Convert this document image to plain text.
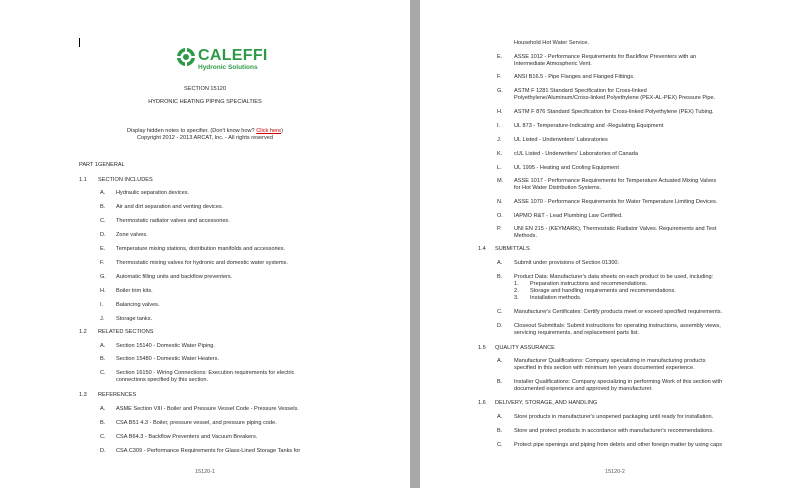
CALEFFI
Hydronic Solutions
SECTION 15120
HYDRONIC HEATING PIPING SPECIALTIES
Display hidden notes to specifier. (Don't know how? Click here)
Copyright 2012 - 2013 ARCAT, Inc. - All rights reserved
PART 1 GENERAL
1.1 SECTION INCLUDES
A. Hydraulic separation devices.
B. Air and dirt separation and venting devices.
C. Thermostatic radiator valves and accessories.
D. Zone valves.
E. Temperature mixing stations, distribution manifolds and accessories.
F. Thermostatic mixing valves for hydronic and domestic water systems.
G. Automatic filling units and backflow preventers.
H. Boiler trim kits.
I. Balancing valves.
J. Storage tanks.
1.2 RELATED SECTIONS
A. Section 15140 - Domestic Water Piping.
B. Section 15480 - Domestic Water Heaters.
C. Section 16150 - Wiring Connections: Execution requirements for electric
connections specified by this section.
1.3 REFERENCES
A. ASME Section VIII - Boiler and Pressure Vessel Code - Pressure Vessels.
B. CSA B51 4.3 - Boiler, pressure vessel, and pressure piping code.
C. CSA B64.3 - Backflow Preventers and Vacuum Breakers.
D. CSA C309 - Performance Requirements for Glass-Lined Storage Tanks for
15120-1
Household Hot Water Service.
E. ASSE 1012 - Performance Requirements for Backflow Preventers with an
Intermediate Atmospheric Vent.
F. ANSI B16.5 - Pipe Flanges and Flanged Fittings.
G. ASTM F 1281 Standard Specification for Cross-linked
Polyethylene/Aluminum/Cross-linked Polyethylene (PEX-AL-PEX) Pressure Pipe.
H. ASTM F 876 Standard Specification for Cross-linked Polyethylene (PEX) Tubing.
I. UL 873 - Temperature-Indicating and -Regulating Equipment
J. UL Listed - Underwriters' Laboratories
K. cUL Listed - Underwriters' Laboratories of Canada
L. UL 1995 - Heating and Cooling Equipment
M. ASSE 1017 - Performance Requirements for Temperature Actuated Mixing Valves
for Hot Water Distribution Systems.
N. ASSE 1070 - Performance Requirements for Water Temperature Limiting Devices.
O. IAPMO R&T - Lead Plumbing Law Certified.
P. UNI EN 215 - (KEYMARK), Thermostatic Radiator Valves. Requirements and Test
Methods.
1.4 SUBMITTALS
A. Submit under provisions of Section 01300.
B. Product Data: Manufacturer's data sheets on each product to be used, including:
1. Preparation instructions and recommendations.
2. Storage and handling requirements and recommendations.
3. Installation methods.
C. Manufacturer's Certificates: Certify products meet or exceed specified requirements.
D. Closeout Submittals: Submit instructions for operating instructions, assembly views,
servicing requirements, and replacement parts list.
1.5 QUALITY ASSURANCE
A. Manufacturer Qualifications: Company specializing in manufacturing products
specified in this section with minimum ten years documented experience.
B. Installer Qualifications: Company specializing in performing Work of this section with
documented experience and approved by manufacturer.
1.6 DELIVERY, STORAGE, AND HANDLING
A. Store products in manufacturer's unopened packaging until ready for installation.
B. Store and protect products in accordance with manufacturer's recommendations.
C. Protect pipe openings and piping from debris and other foreign matter by using caps
15120-2
